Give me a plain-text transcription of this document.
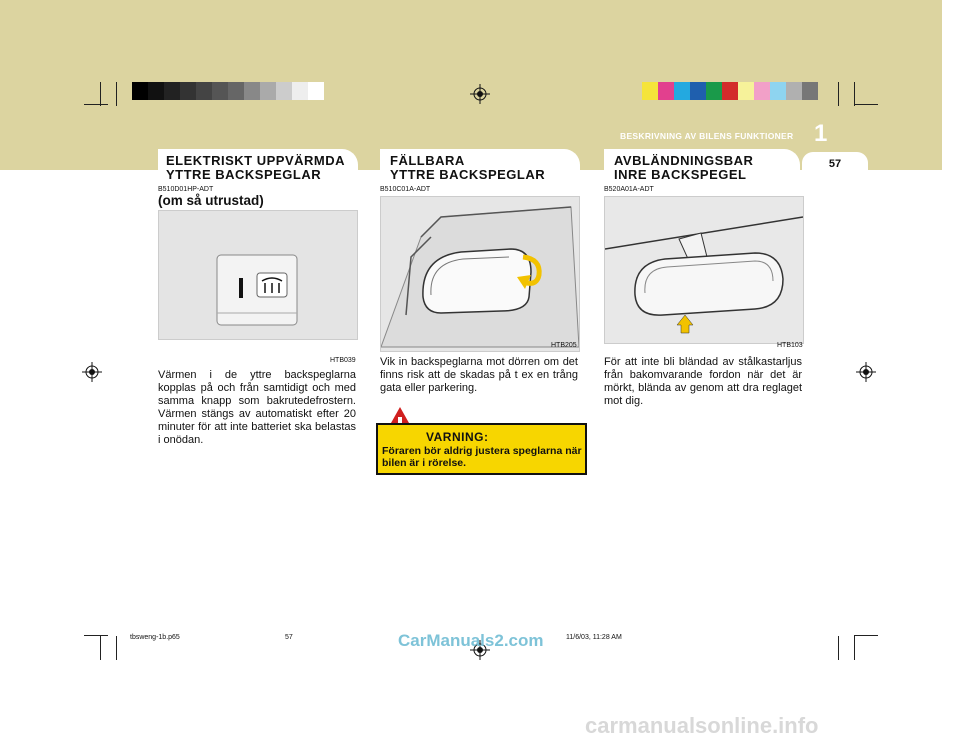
BESKRIVNING AV BILENS FUNKTIONER 1
57
ELEKTRISKT UPPVÄRMDA
YTTRE BACKSPEGLAR
FÄLLBARA
YTTRE BACKSPEGLAR
AVBLÄNDNINGSBAR
INRE BACKSPEGEL
B510D01HP-ADT	B510C01A-ADT	B520A01A-ADT
(om så utrustad)
HTB039
HTB205	HTB103
Värmen i de yttre backspeglarna kopplas på och från samtidigt och med samma knapp som bakrutedefrostern. Värmen stängs av automatiskt efter 20 minuter för att inte batteriet ska belastas i onödan.
Vik in backspeglarna mot dörren om det finns risk att de skadas på t ex en trång gata eller parkering.
För att inte bli bländad av stålkastarljus från bakomvarande fordon när det är mörkt, blända av genom att dra reglaget mot dig.
VARNING:
Föraren bör aldrig justera speglarna när bilen är i rörelse.
tbsweng-1b.p65	57	11/6/03, 11:28 AM
CarManuals2.com
carmanualsonline.info
